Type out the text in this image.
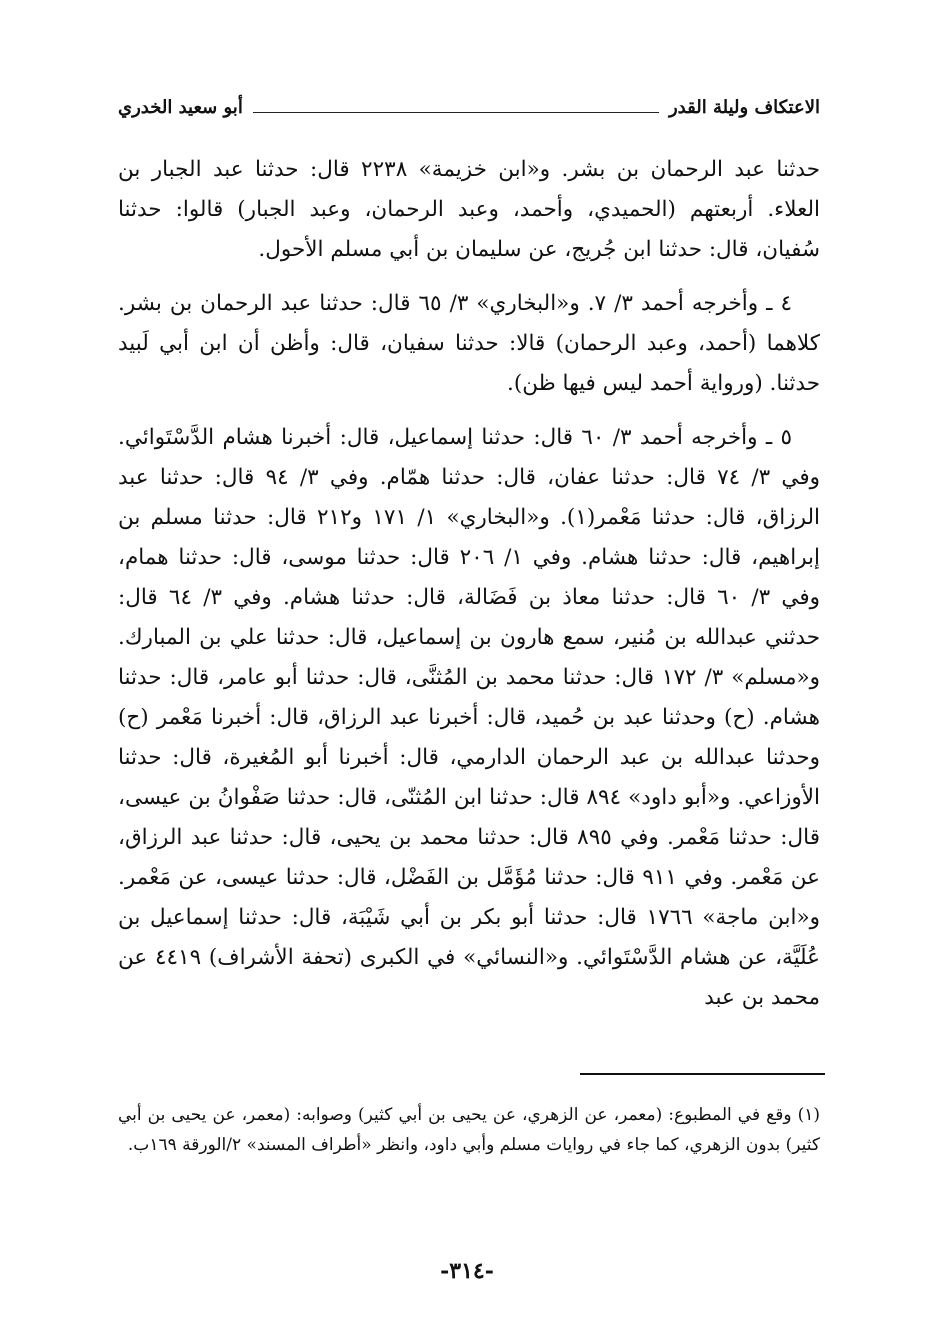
الاعتكاف وليلة القدر
أبو سعيد الخدري

حدثنا عبد الرحمان بن بشر. و«ابن خزيمة» ٢٢٣٨ قال: حدثنا عبد الجبار بن العلاء. أربعتهم (الحميدي، وأحمد، وعبد الرحمان، وعبد الجبار) قالوا: حدثنا سُفيان، قال: حدثنا ابن جُريج، عن سليمان بن أبي مسلم الأحول.

٤ ـ وأخرجه أحمد ٣/ ٧. و«البخاري» ٣/ ٦٥ قال: حدثنا عبد الرحمان بن بشر. كلاهما (أحمد، وعبد الرحمان) قالا: حدثنا سفيان، قال: وأظن أن ابن أبي لَبيد حدثنا. (ورواية أحمد ليس فيها ظن).

٥ ـ وأخرجه أحمد ٣/ ٦٠ قال: حدثنا إسماعيل، قال: أخبرنا هشام الدَّسْتَوائي. وفي ٣/ ٧٤ قال: حدثنا عفان، قال: حدثنا همّام. وفي ٣/ ٩٤ قال: حدثنا عبد الرزاق، قال: حدثنا مَعْمر(١). و«البخاري» ١/ ١٧١ و٢١٢ قال: حدثنا مسلم بن إبراهيم، قال: حدثنا هشام. وفي ١/ ٢٠٦ قال: حدثنا موسى، قال: حدثنا همام، وفي ٣/ ٦٠ قال: حدثنا معاذ بن فَضَالة، قال: حدثنا هشام. وفي ٣/ ٦٤ قال: حدثني عبدالله بن مُنير، سمع هارون بن إسماعيل، قال: حدثنا علي بن المبارك. و«مسلم» ٣/ ١٧٢ قال: حدثنا محمد بن المُثنَّى، قال: حدثنا أبو عامر، قال: حدثنا هشام. (ح) وحدثنا عبد بن حُميد، قال: أخبرنا عبد الرزاق، قال: أخبرنا مَعْمر (ح) وحدثنا عبدالله بن عبد الرحمان الدارمي، قال: أخبرنا أبو المُغيرة، قال: حدثنا الأوزاعي. و«أبو داود» ٨٩٤ قال: حدثنا ابن المُثنّى، قال: حدثنا صَفْوانُ بن عيسى، قال: حدثنا مَعْمر. وفي ٨٩٥ قال: حدثنا محمد بن يحيى، قال: حدثنا عبد الرزاق، عن مَعْمر. وفي ٩١١ قال: حدثنا مُؤَمَّل بن الفَضْل، قال: حدثنا عيسى، عن مَعْمر. و«ابن ماجة» ١٧٦٦ قال: حدثنا أبو بكر بن أبي شَيْبَة، قال: حدثنا إسماعيل بن عُلَيَّة، عن هشام الدَّسْتَوائي. و«النسائي» في الكبرى (تحفة الأشراف) ٤٤١٩ عن محمد بن عبد

(١) وقع في المطبوع: (معمر، عن الزهري، عن يحيى بن أبي كثير) وصوابه: (معمر، عن يحيى بن أبي كثير) بدون الزهري، كما جاء في روايات مسلم وأبي داود، وانظر «أطراف المسند» ٢/الورقة ١٦٩ب.
-٣١٤-
